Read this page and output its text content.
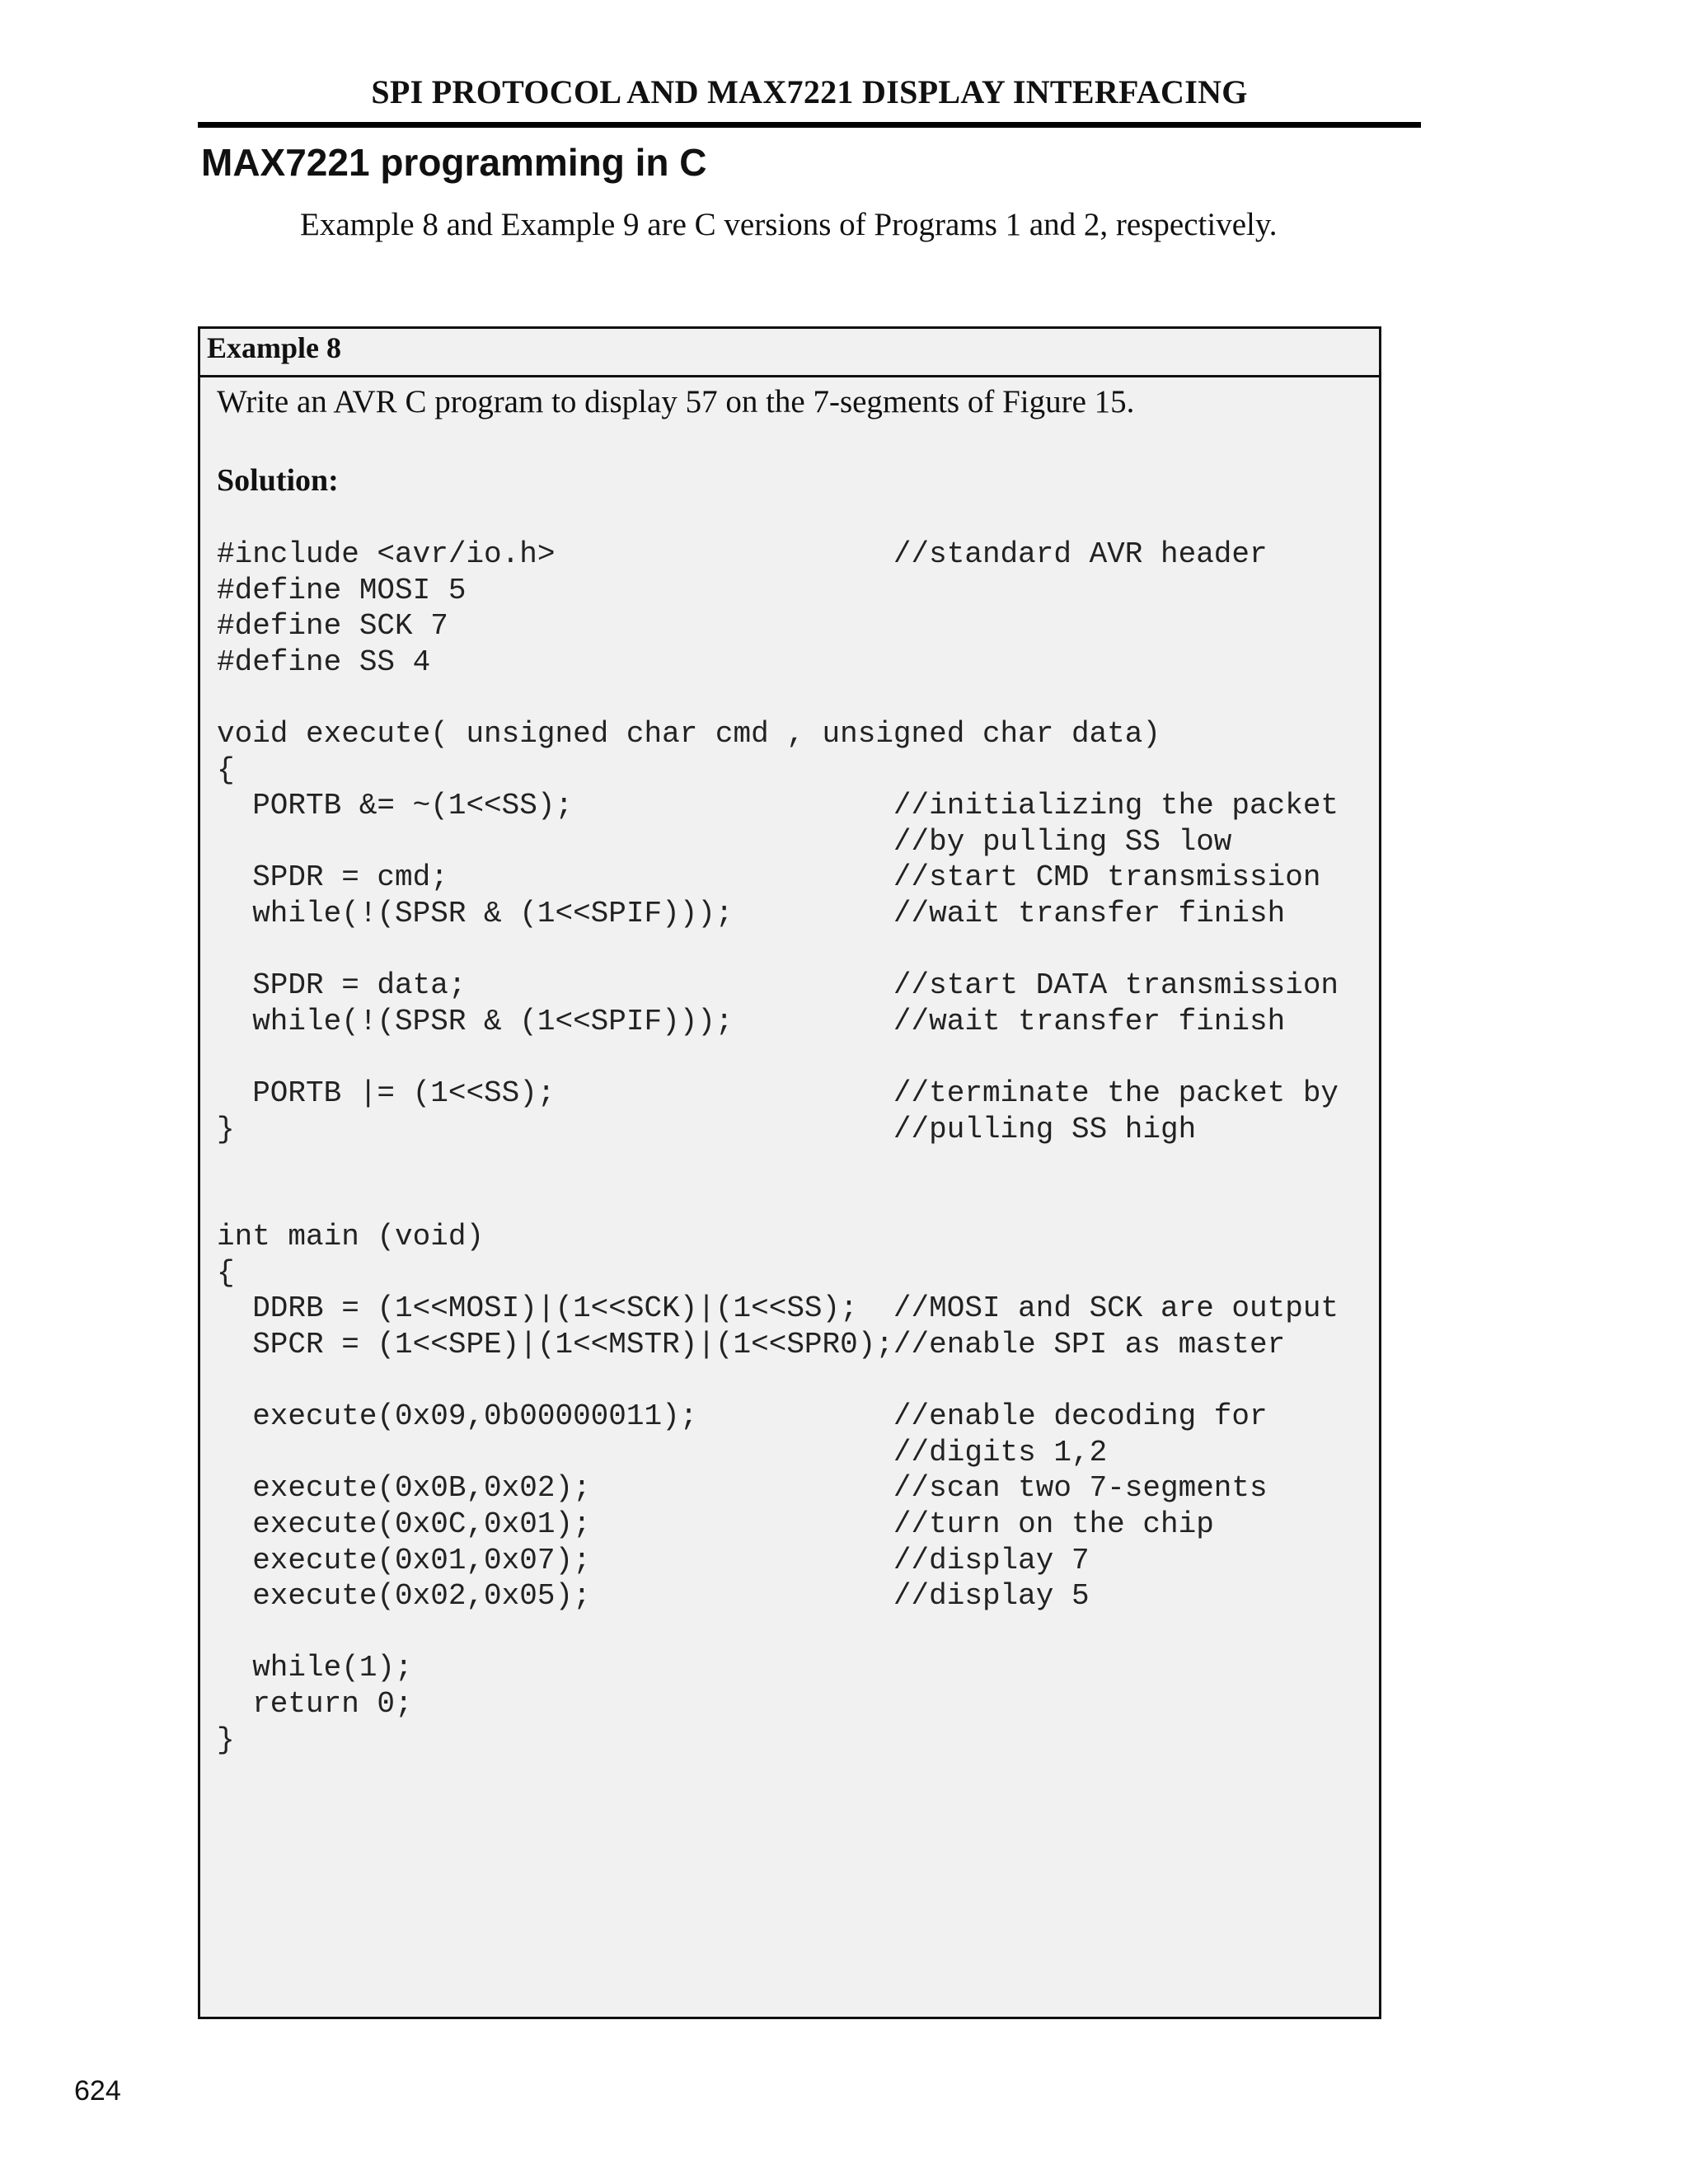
SPI PROTOCOL AND MAX7221 DISPLAY INTERFACING
MAX7221 programming in C
Example 8 and Example 9 are C versions of Programs 1 and 2, respectively.
Example 8
Write an AVR C program to display 57 on the 7-segments of Figure 15.
Solution:
#include <avr/io.h>                   //standard AVR header
#define MOSI 5
#define SCK 7
#define SS 4

void execute( unsigned char cmd , unsigned char data)
{
PORTB &= ~(1<<SS);                  //initializing the packet
//by pulling SS low
SPDR = cmd;                         //start CMD transmission
while(!(SPSR & (1<<SPIF)));         //wait transfer finish

SPDR = data;                        //start DATA transmission
while(!(SPSR & (1<<SPIF)));         //wait transfer finish

PORTB |= (1<<SS);                   //terminate the packet by
}                                     //pulling SS high

int main (void)
{
DDRB = (1<<MOSI)|(1<<SCK)|(1<<SS);  //MOSI and SCK are output
SPCR = (1<<SPE)|(1<<MSTR)|(1<<SPR0);//enable SPI as master

execute(0x09,0b00000011);           //enable decoding for
//digits 1,2
execute(0x0B,0x02);                 //scan two 7-segments
execute(0x0C,0x01);                 //turn on the chip
execute(0x01,0x07);                 //display 7
execute(0x02,0x05);                 //display 5

while(1);
return 0;
}
624
